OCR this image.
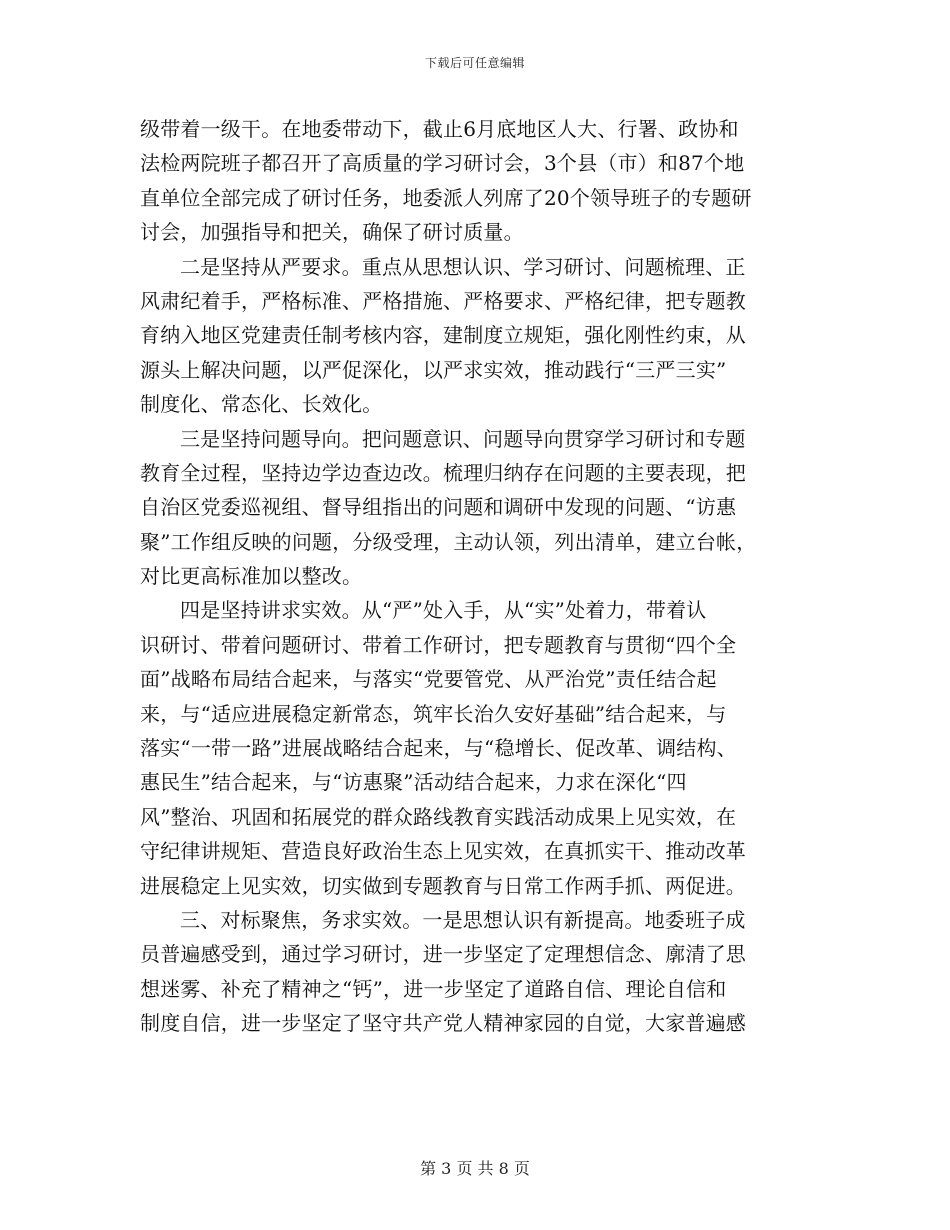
下载后可任意编辑
级带着一级干。在地委带动下，截止6月底地区人大、行署、政协和
法检两院班子都召开了高质量的学习研讨会，3个县（市）和87个地
直单位全部完成了研讨任务，地委派人列席了20个领导班子的专题研
讨会，加强指导和把关，确保了研讨质量。
二是坚持从严要求。重点从思想认识、学习研讨、问题梳理、正
风肃纪着手，严格标准、严格措施、严格要求、严格纪律，把专题教
育纳入地区党建责任制考核内容，建制度立规矩，强化刚性约束，从
源头上解决问题，以严促深化，以严求实效，推动践行“三严三实”
制度化、常态化、长效化。
三是坚持问题导向。把问题意识、问题导向贯穿学习研讨和专题
教育全过程，坚持边学边查边改。梳理归纳存在问题的主要表现，把
自治区党委巡视组、督导组指出的问题和调研中发现的问题、“访惠
聚”工作组反映的问题，分级受理，主动认领，列出清单，建立台帐，
对比更高标准加以整改。
四是坚持讲求实效。从“严”处入手，从“实”处着力，带着认
识研讨、带着问题研讨、带着工作研讨，把专题教育与贯彻“四个全
面”战略布局结合起来，与落实“党要管党、从严治党”责任结合起
来，与“适应进展稳定新常态，筑牢长治久安好基础”结合起来，与
落实“一带一路”进展战略结合起来，与“稳增长、促改革、调结构、
惠民生”结合起来，与“访惠聚”活动结合起来，力求在深化“四
风”整治、巩固和拓展党的群众路线教育实践活动成果上见实效，在
守纪律讲规矩、营造良好政治生态上见实效，在真抓实干、推动改革
进展稳定上见实效，切实做到专题教育与日常工作两手抓、两促进。
三、对标聚焦，务求实效。一是思想认识有新提高。地委班子成
员普遍感受到，通过学习研讨，进一步坚定了定理想信念、廓清了思
想迷雾、补充了精神之“钙”，进一步坚定了道路自信、理论自信和
制度自信，进一步坚定了坚守共产党人精神家园的自觉，大家普遍感
第 3 页 共 8 页
